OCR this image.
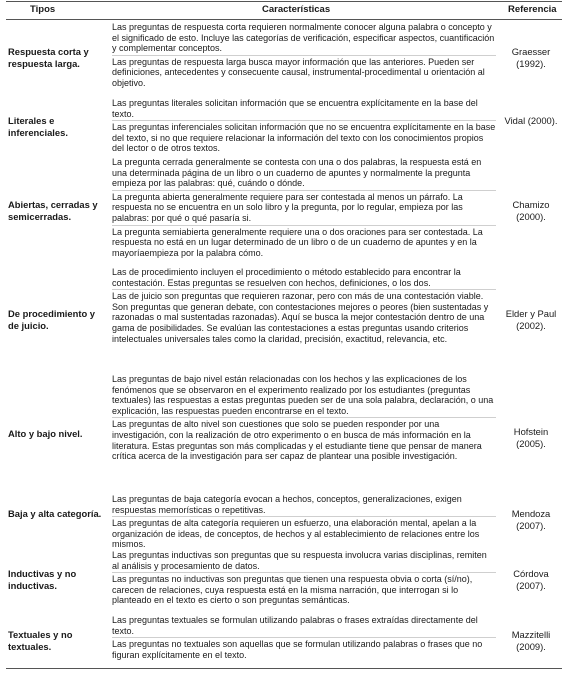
Tipos	Características	Referencia
Respuesta corta y respuesta larga.

Las preguntas de respuesta corta requieren normalmente conocer alguna palabra o concepto y el significado de esto. Incluye las categorías de verificación, especificar aspectos, cuantificación y complementar conceptos.

Las preguntas de respuesta larga busca mayor información que las anteriores. Pueden ser definiciones, antecedentes y consecuente causal, instrumental-procedimental u orientación al objetivo.

Graesser (1992).
Literales e inferenciales.

Las preguntas literales solicitan información que se encuentra explícitamente en la base del texto.

Las preguntas inferenciales solicitan información que no se encuentra explícitamente en la base del texto, si no que requiere relacionar la información del texto con los conocimientos propios del lector o de otros textos.

Vidal (2000).
Abiertas, cerradas y semicerradas.

La pregunta cerrada generalmente se contesta con una o dos palabras, la respuesta está en una determinada página de un libro o un cuaderno de apuntes y normalmente la pregunta empieza por las palabras: qué, cuándo o dónde.

La pregunta abierta generalmente requiere para ser contestada al menos un párrafo. La respuesta no se encuentra en un solo libro y la pregunta, por lo regular, empieza por las palabras: por qué o qué pasaría si.

La pregunta semiabierta generalmente requiere una o dos oraciones para ser contestada. La respuesta no está en un lugar determinado de un libro o de un cuaderno de apuntes y en la mayoríaempieza por la palabra cómo.

Chamizo (2000).
De procedimiento y de juicio.

Las de procedimiento incluyen el procedimiento o método establecido para encontrar la contestación. Estas preguntas se resuelven con hechos, definiciones, o los dos.

Las de juicio son preguntas que requieren razonar, pero con más de una contestación viable. Son preguntas que generan debate, con contestaciones mejores o peores (bien sustentadas y razonadas o mal sustentadas razonadas). Aquí se busca la mejor contestación dentro de una gama de posibilidades. Se evalúan las contestaciones a estas preguntas usando criterios intelectuales universales tales como la claridad, precisión, exactitud, relevancia, etc.

Elder y Paul (2002).
Alto y bajo nivel.

Las preguntas de bajo nivel están relacionadas con los hechos y las explicaciones de los fenómenos que se observaron en el experimento realizado por los estudiantes (preguntas textuales) las respuestas a estas preguntas pueden ser de una sola palabra, declaración, o una explicación, las respuestas pueden encontrarse en el texto.

Las preguntas de alto nivel son cuestiones que solo se pueden responder por una investigación, con la realización de otro experimento o en busca de más información en la literatura. Estas preguntas son más complicadas y el estudiante tiene que pensar de manera crítica acerca de la investigación para ser capaz de plantear una posible investigación.

Hofstein (2005).
Baja y alta categoría.

Las preguntas de baja categoría evocan a hechos, conceptos, generalizaciones, exigen respuestas memorísticas o repetitivas.

Las preguntas de alta categoría requieren un esfuerzo, una elaboración mental, apelan a la organización de ideas, de conceptos, de hechos y al establecimiento de relaciones entre los mismos.

Mendoza (2007).
Inductivas y no inductivas.

Las preguntas inductivas son preguntas que su respuesta involucra varias disciplinas, remiten al análisis y procesamiento de datos.

Las preguntas no inductivas son preguntas que tienen una respuesta obvia o corta (sí/no), carecen de relaciones, cuya respuesta está en la misma narración, que interrogan si lo planteado en el texto es cierto o son preguntas semánticas.

Córdova (2007).
Textuales y no textuales.

Las preguntas textuales se formulan utilizando palabras o frases extraídas directamente del texto.

Las preguntas no textuales son aquellas que se formulan utilizando palabras o frases que no figuran explícitamente en el texto.

Mazzitelli (2009).
